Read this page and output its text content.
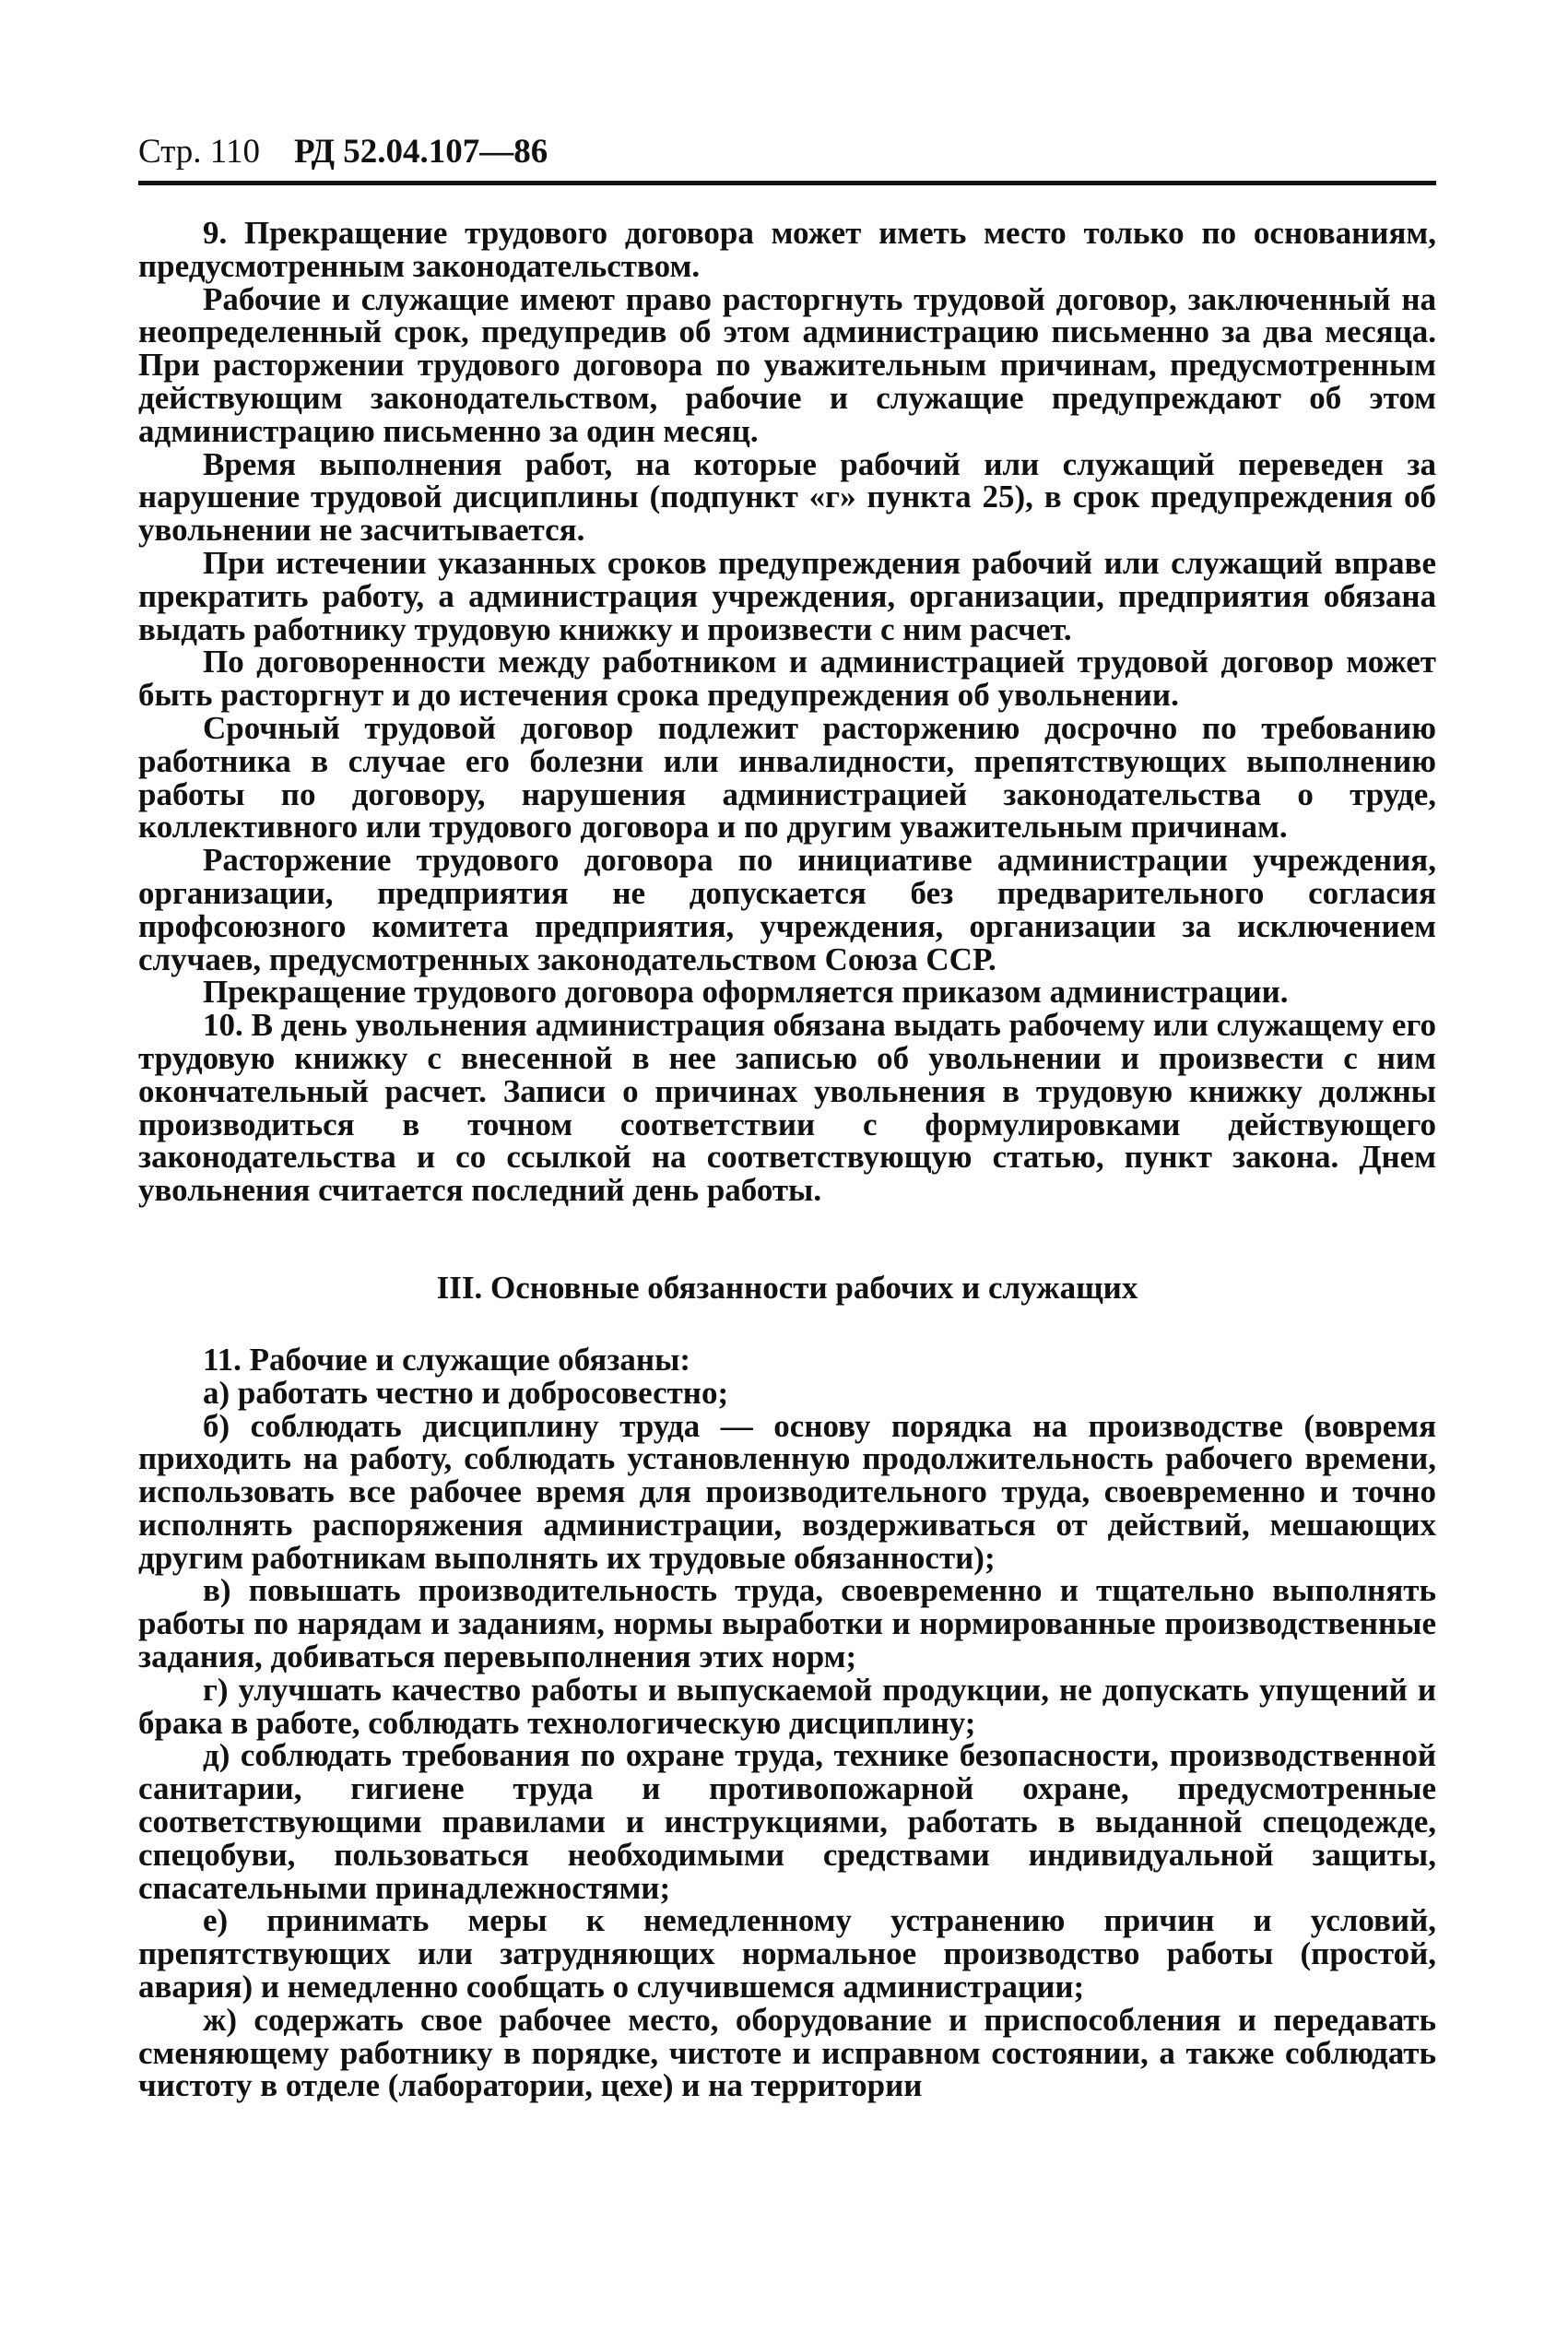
Стр. 110 РД 52.04.107—86

9. Прекращение трудового договора может иметь место только по основаниям, предусмотренным законодательством.

Рабочие и служащие имеют право расторгнуть трудовой договор, заключенный на неопределенный срок, предупредив об этом администрацию письменно за два месяца. При расторжении трудового договора по уважительным причинам, предусмотренным действующим законодательством, рабочие и служащие предупреждают об этом администрацию письменно за один месяц.

Время выполнения работ, на которые рабочий или служащий переведен за нарушение трудовой дисциплины (подпункт «г» пункта 25), в срок предупреждения об увольнении не засчитывается.

При истечении указанных сроков предупреждения рабочий или служащий вправе прекратить работу, а администрация учреждения, организации, предприятия обязана выдать работнику трудовую книжку и произвести с ним расчет.

По договоренности между работником и администрацией трудовой договор может быть расторгнут и до истечения срока предупреждения об увольнении.

Срочный трудовой договор подлежит расторжению досрочно по требованию работника в случае его болезни или инвалидности, препятствующих выполнению работы по договору, нарушения администрацией законодательства о труде, коллективного или трудового договора и по другим уважительным причинам.

Расторжение трудового договора по инициативе администрации учреждения, организации, предприятия не допускается без предварительного согласия профсоюзного комитета предприятия, учреждения, организации за исключением случаев, предусмотренных законодательством Союза ССР.

Прекращение трудового договора оформляется приказом администрации.

10. В день увольнения администрация обязана выдать рабочему или служащему его трудовую книжку с внесенной в нее записью об увольнении и произвести с ним окончательный расчет. Записи о причинах увольнения в трудовую книжку должны производиться в точном соответствии с формулировками действующего законодательства и со ссылкой на соответствующую статью, пункт закона. Днем увольнения считается последний день работы.

III. Основные обязанности рабочих и служащих

11. Рабочие и служащие обязаны:

а) работать честно и добросовестно;

б) соблюдать дисциплину труда — основу порядка на производстве (вовремя приходить на работу, соблюдать установленную продолжительность рабочего времени, использовать все рабочее время для производительного труда, своевременно и точно исполнять распоряжения администрации, воздерживаться от действий, мешающих другим работникам выполнять их трудовые обязанности);

в) повышать производительность труда, своевременно и тщательно выполнять работы по нарядам и заданиям, нормы выработки и нормированные производственные задания, добиваться перевыполнения этих норм;

г) улучшать качество работы и выпускаемой продукции, не допускать упущений и брака в работе, соблюдать технологическую дисциплину;

д) соблюдать требования по охране труда, технике безопасности, производственной санитарии, гигиене труда и противопожарной охране, предусмотренные соответствующими правилами и инструкциями, работать в выданной спецодежде, спецобуви, пользоваться необходимыми средствами индивидуальной защиты, спасательными принадлежностями;

е) принимать меры к немедленному устранению причин и условий, препятствующих или затрудняющих нормальное производство работы (простой, авария) и немедленно сообщать о случившемся администрации;

ж) содержать свое рабочее место, оборудование и приспособления и передавать сменяющему работнику в порядке, чистоте и исправном состоянии, а также соблюдать чистоту в отделе (лаборатории, цехе) и на территории
